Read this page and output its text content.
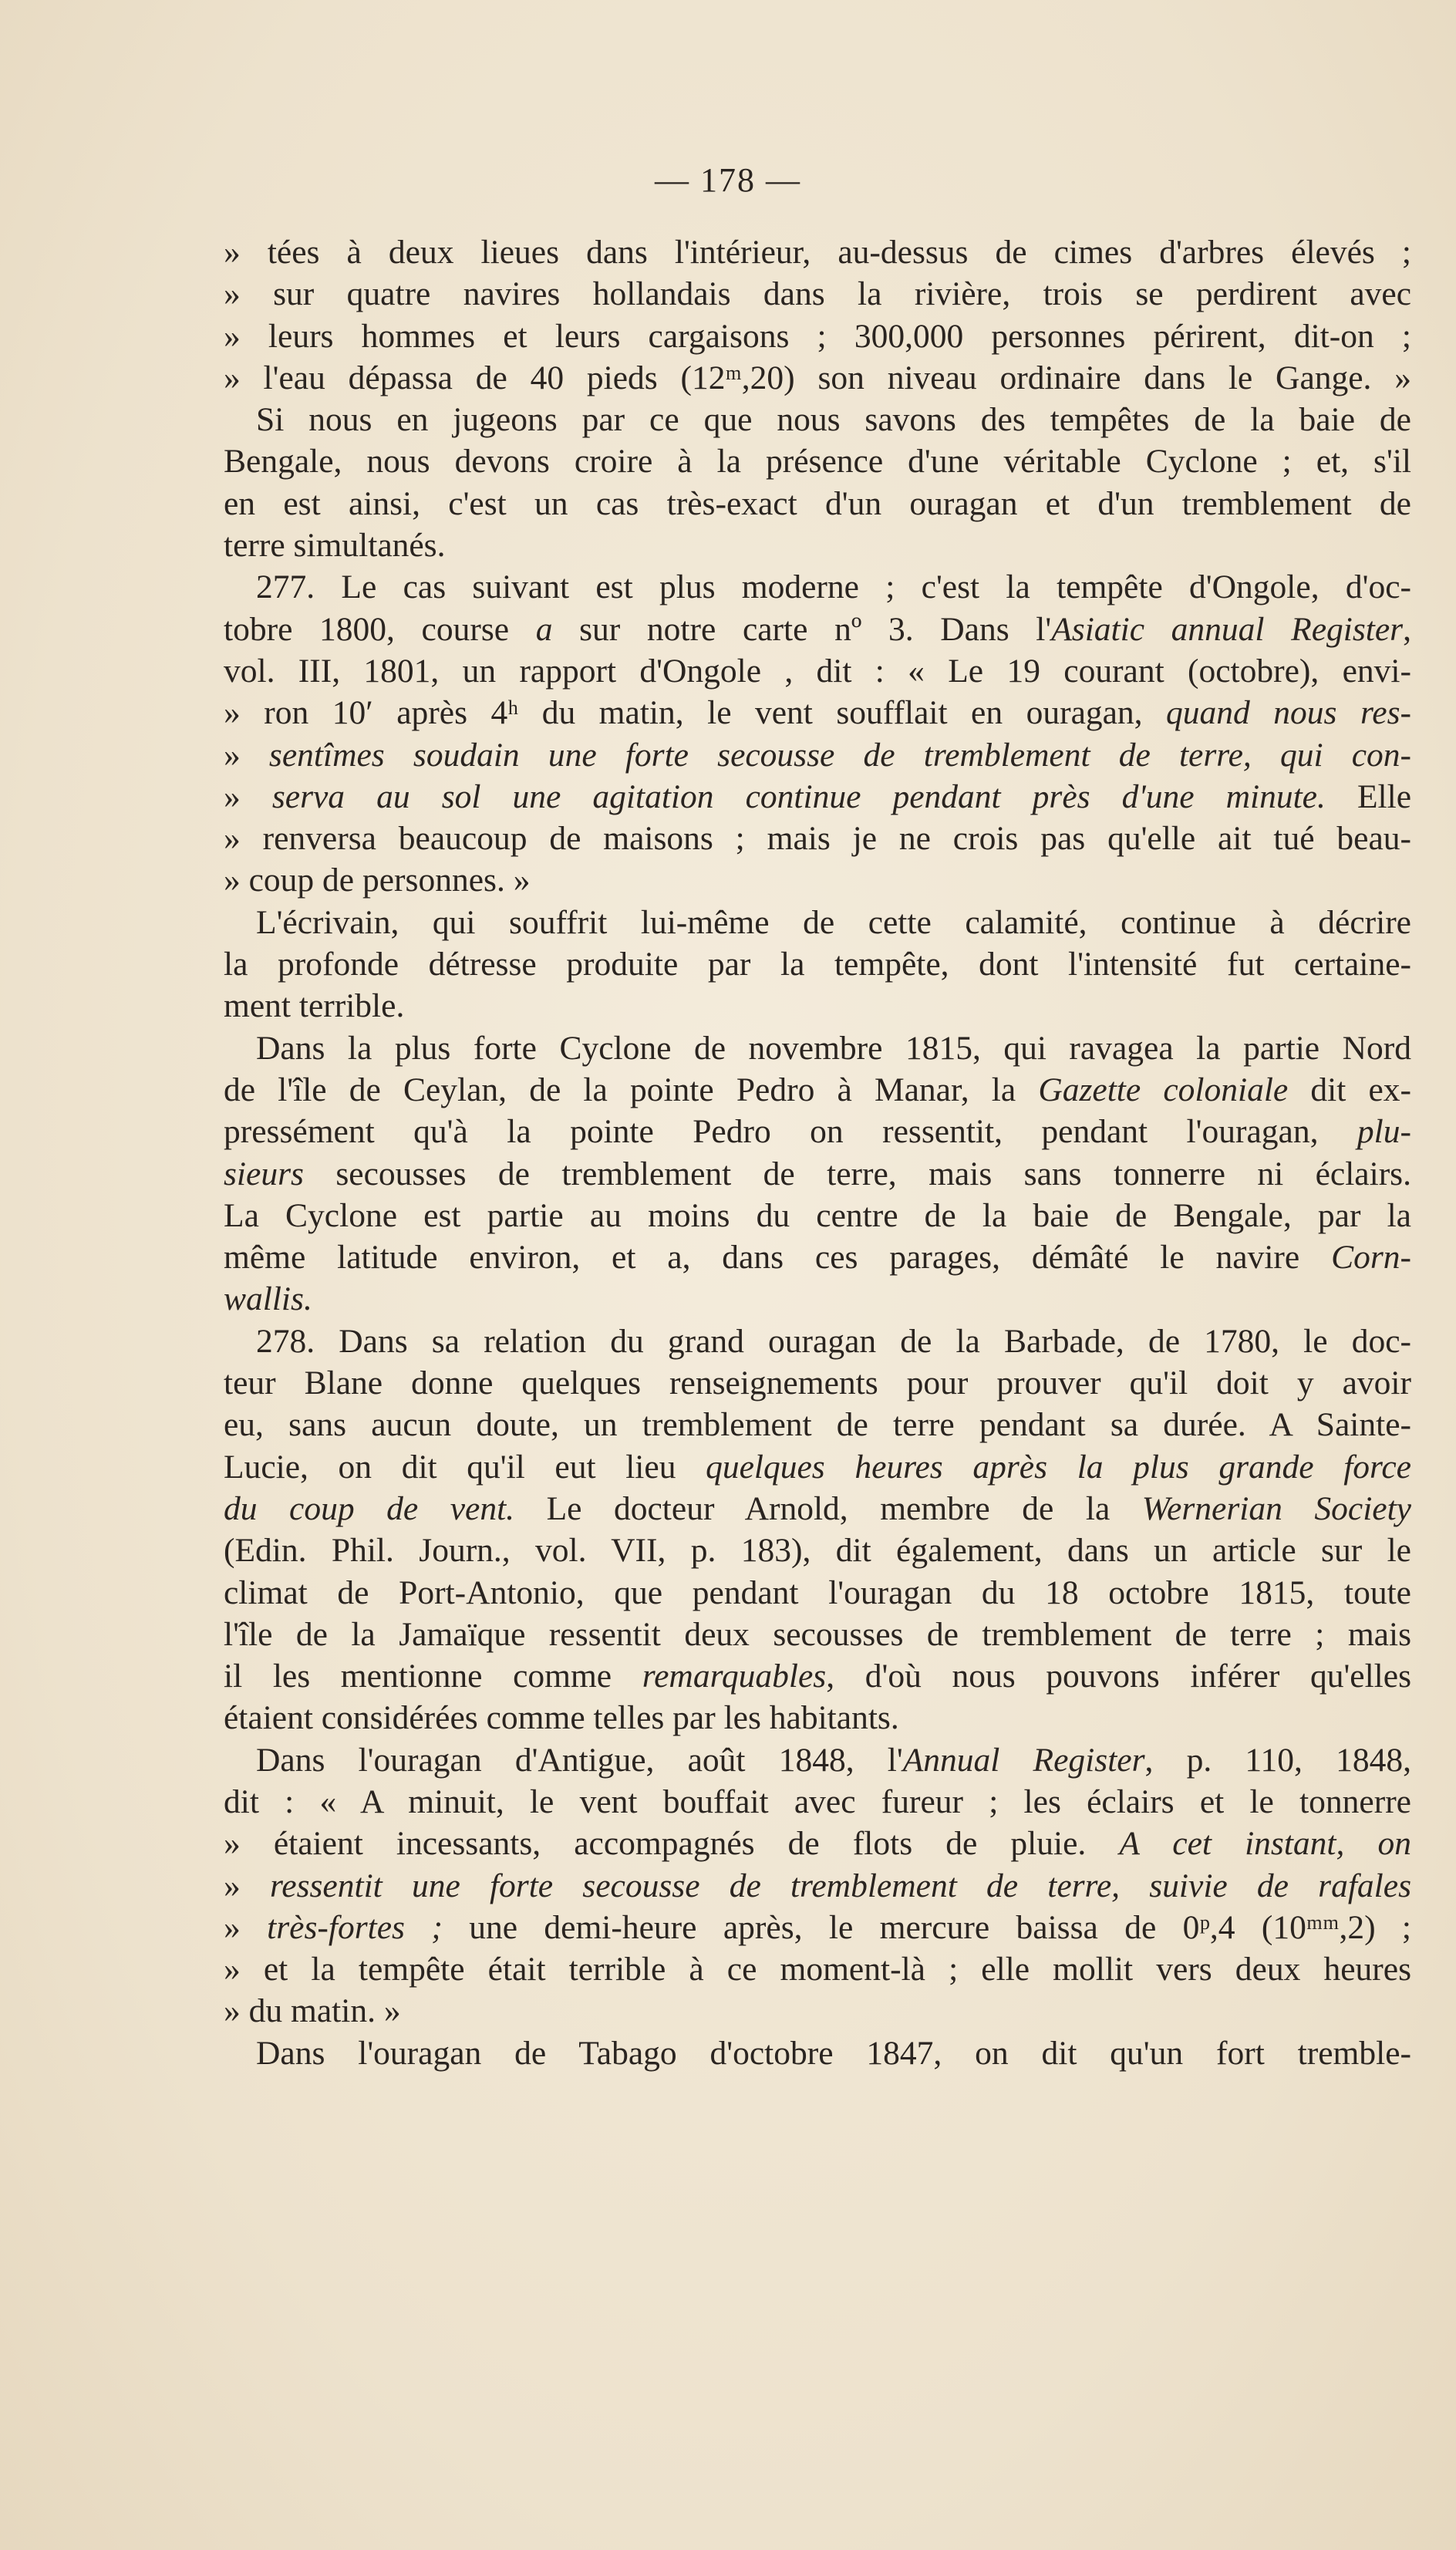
— 178 —
» tées à deux lieues dans l'intérieur, au-dessus de cimes d'arbres élevés ;
» sur quatre navires hollandais dans la rivière, trois se perdirent avec
» leurs hommes et leurs cargaisons ; 300,000 personnes périrent, dit-on ;
» l'eau dépassa de 40 pieds (12ᵐ,20) son niveau ordinaire dans le Gange. »
Si nous en jugeons par ce que nous savons des tempêtes de la baie de
Bengale, nous devons croire à la présence d'une véritable Cyclone ; et, s'il
en est ainsi, c'est un cas très-exact d'un ouragan et d'un tremblement de
terre simultanés.
277. Le cas suivant est plus moderne ; c'est la tempête d'Ongole, d'oc-
tobre 1800, course a sur notre carte nº 3. Dans l'Asiatic annual Register,
vol. III, 1801, un rapport d'Ongole , dit : « Le 19 courant (octobre), envi-
» ron 10′ après 4ʰ du matin, le vent soufflait en ouragan, quand nous res-
» sentîmes soudain une forte secousse de tremblement de terre, qui con-
» serva au sol une agitation continue pendant près d'une minute. Elle
» renversa beaucoup de maisons ; mais je ne crois pas qu'elle ait tué beau-
» coup de personnes. »
L'écrivain, qui souffrit lui-même de cette calamité, continue à décrire
la profonde détresse produite par la tempête, dont l'intensité fut certaine-
ment terrible.
Dans la plus forte Cyclone de novembre 1815, qui ravagea la partie Nord
de l'île de Ceylan, de la pointe Pedro à Manar, la Gazette coloniale dit ex-
pressément qu'à la pointe Pedro on ressentit, pendant l'ouragan, plu-
sieurs secousses de tremblement de terre, mais sans tonnerre ni éclairs.
La Cyclone est partie au moins du centre de la baie de Bengale, par la
même latitude environ, et a, dans ces parages, démâté le navire Corn-
wallis.
278. Dans sa relation du grand ouragan de la Barbade, de 1780, le doc-
teur Blane donne quelques renseignements pour prouver qu'il doit y avoir
eu, sans aucun doute, un tremblement de terre pendant sa durée. A Sainte-
Lucie, on dit qu'il eut lieu quelques heures après la plus grande force
du coup de vent. Le docteur Arnold, membre de la Wernerian Society
(Edin. Phil. Journ., vol. VII, p. 183), dit également, dans un article sur le
climat de Port-Antonio, que pendant l'ouragan du 18 octobre 1815, toute
l'île de la Jamaïque ressentit deux secousses de tremblement de terre ; mais
il les mentionne comme remarquables, d'où nous pouvons inférer qu'elles
étaient considérées comme telles par les habitants.
Dans l'ouragan d'Antigue, août 1848, l'Annual Register, p. 110, 1848,
dit : « A minuit, le vent bouffait avec fureur ; les éclairs et le tonnerre
» étaient incessants, accompagnés de flots de pluie. A cet instant, on
» ressentit une forte secousse de tremblement de terre, suivie de rafales
» très-fortes ; une demi-heure après, le mercure baissa de 0ᵖ,4 (10ᵐᵐ,2) ;
» et la tempête était terrible à ce moment-là ; elle mollit vers deux heures
» du matin. »
Dans l'ouragan de Tabago d'octobre 1847, on dit qu'un fort tremble-
